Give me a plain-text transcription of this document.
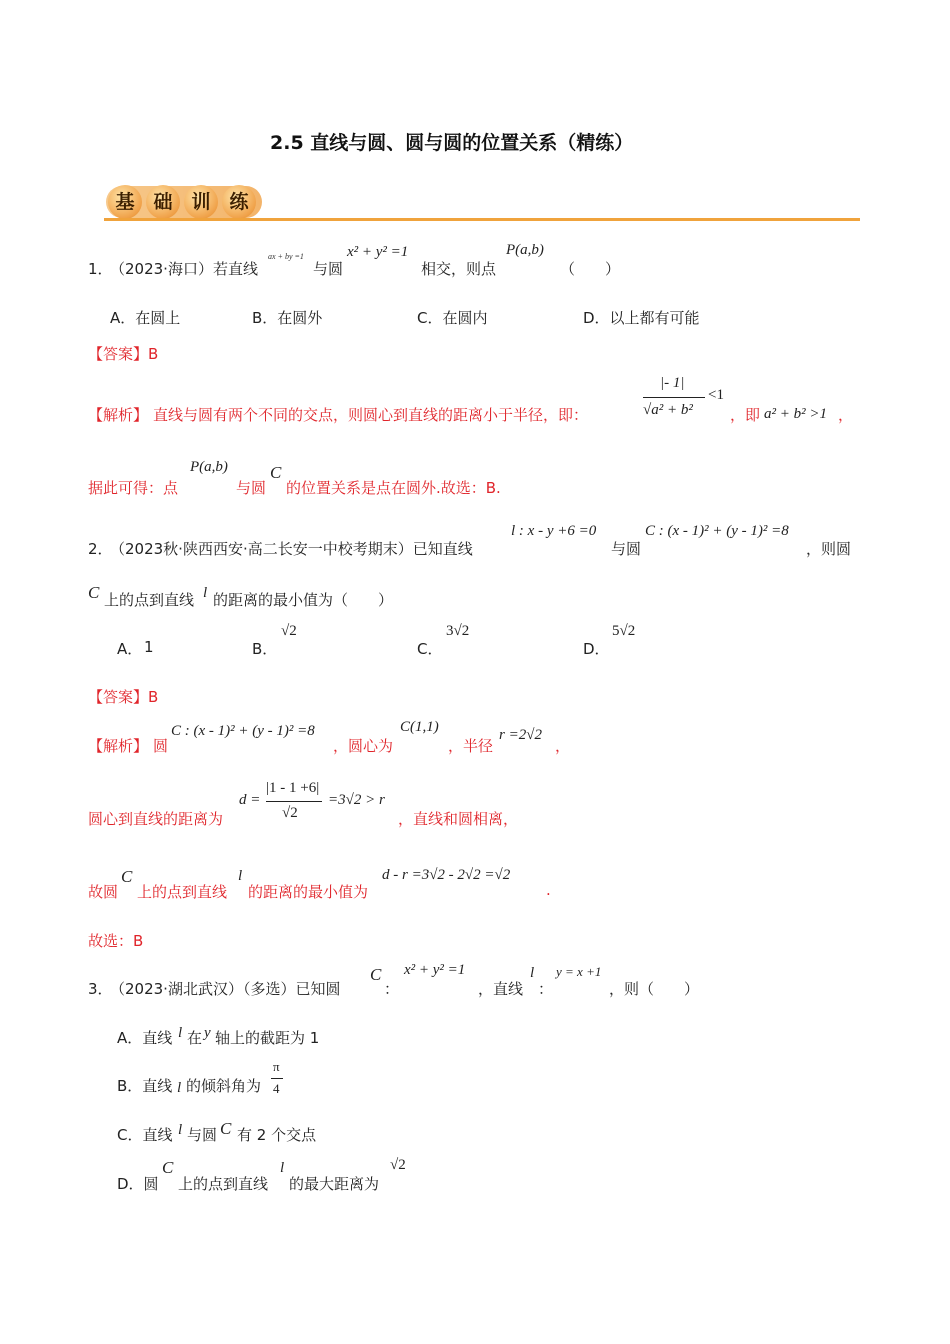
2.5 直线与圆、圆与圆的位置关系（精练）
基 础 训 练
1．
（2023·海口）若直线
ax + by =1
与圆
x² + y² =1
相交，则点
P(a,b)
（　　）
A．在圆上	B．在圆外	C．在圆内	D．以上都有可能
【答案】B
【解析】 直线与圆有两个不同的交点，则圆心到直线的距离小于半径，即：
|- 1|
√a² + b²
<1
，即 a² + b² >1 ，
据此可得：点
P(a,b)
与圆
C
的位置关系是点在圆外.故选：B.
2．
（2023秋·陕西西安·高二长安一中校考期末）已知直线
l : x - y +6 =0
与圆
C : (x - 1)² + (y - 1)² =8
，则圆
C 上的点到直线 l 的距离的最小值为（　　）
A． 1	B．
√2
C．
3√2
D．
5√2
【答案】B
【解析】 圆
C : (x - 1)² + (y - 1)² =8
，圆心为
C(1,1)
，半径
r =2√2
，
圆心到直线的距离为
d =
|1 - 1 +6|
√2
=3√2 > r
，直线和圆相离，
故圆
C
上的点到直线
l
的距离的最小值为
d - r =3√2 - 2√2 =√2
.
故选：B
3．
（2023·湖北武汉）（多选）已知圆
C
：
x² + y² =1
，直线
l
：
y = x +1
，则（　　）
A．直线 l 在 y 轴上的截距为 1
B．直线 l 的倾斜角为
π
4
C．直线 l 与圆 C 有 2 个交点
D．圆
C
上的点到直线
l
的最大距离为
√2
